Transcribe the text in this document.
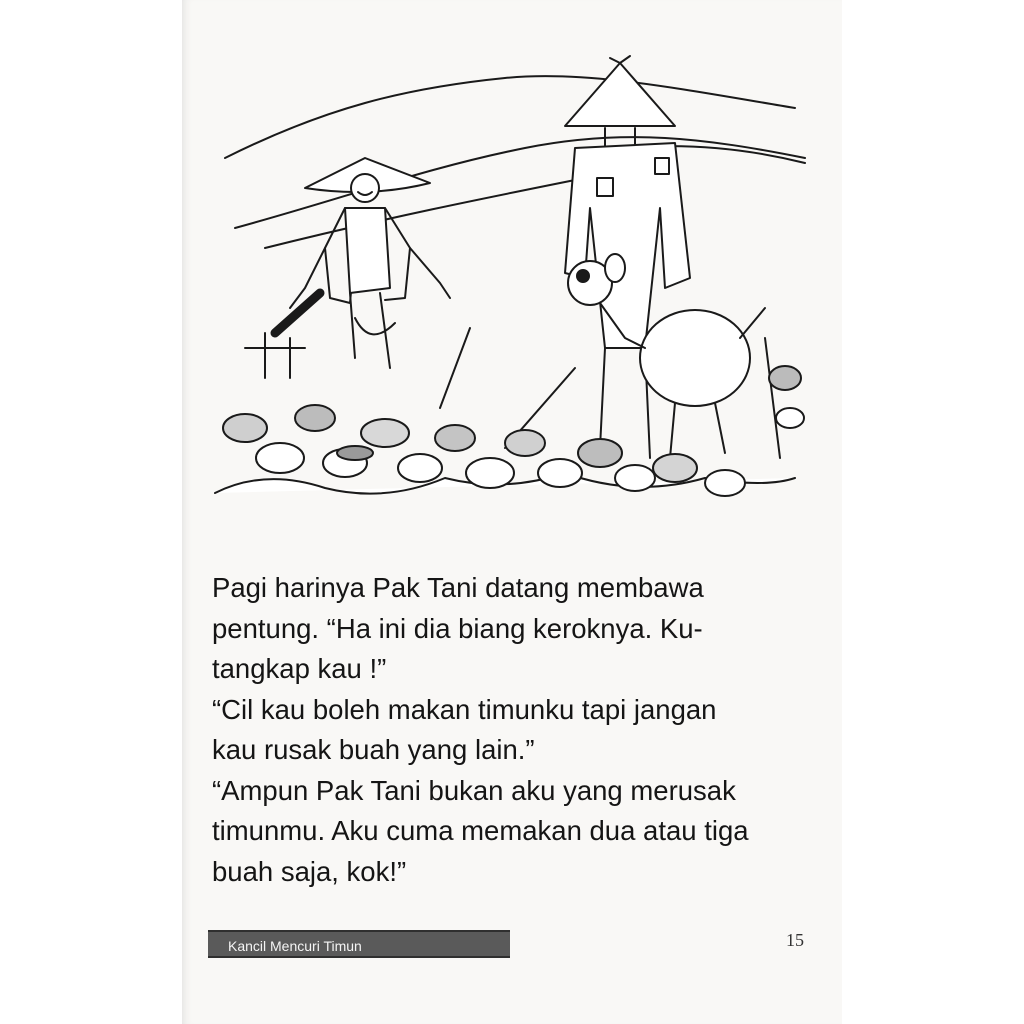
Pagi harinya Pak Tani datang membawa
pentung. “Ha ini dia biang keroknya. Ku-
tangkap kau !”
“Cil kau boleh makan timunku tapi jangan
kau rusak buah yang lain.”
“Ampun Pak Tani bukan aku yang merusak
timunmu. Aku cuma memakan dua atau tiga
buah saja, kok!”
Kancil Mencuri Timun	15
